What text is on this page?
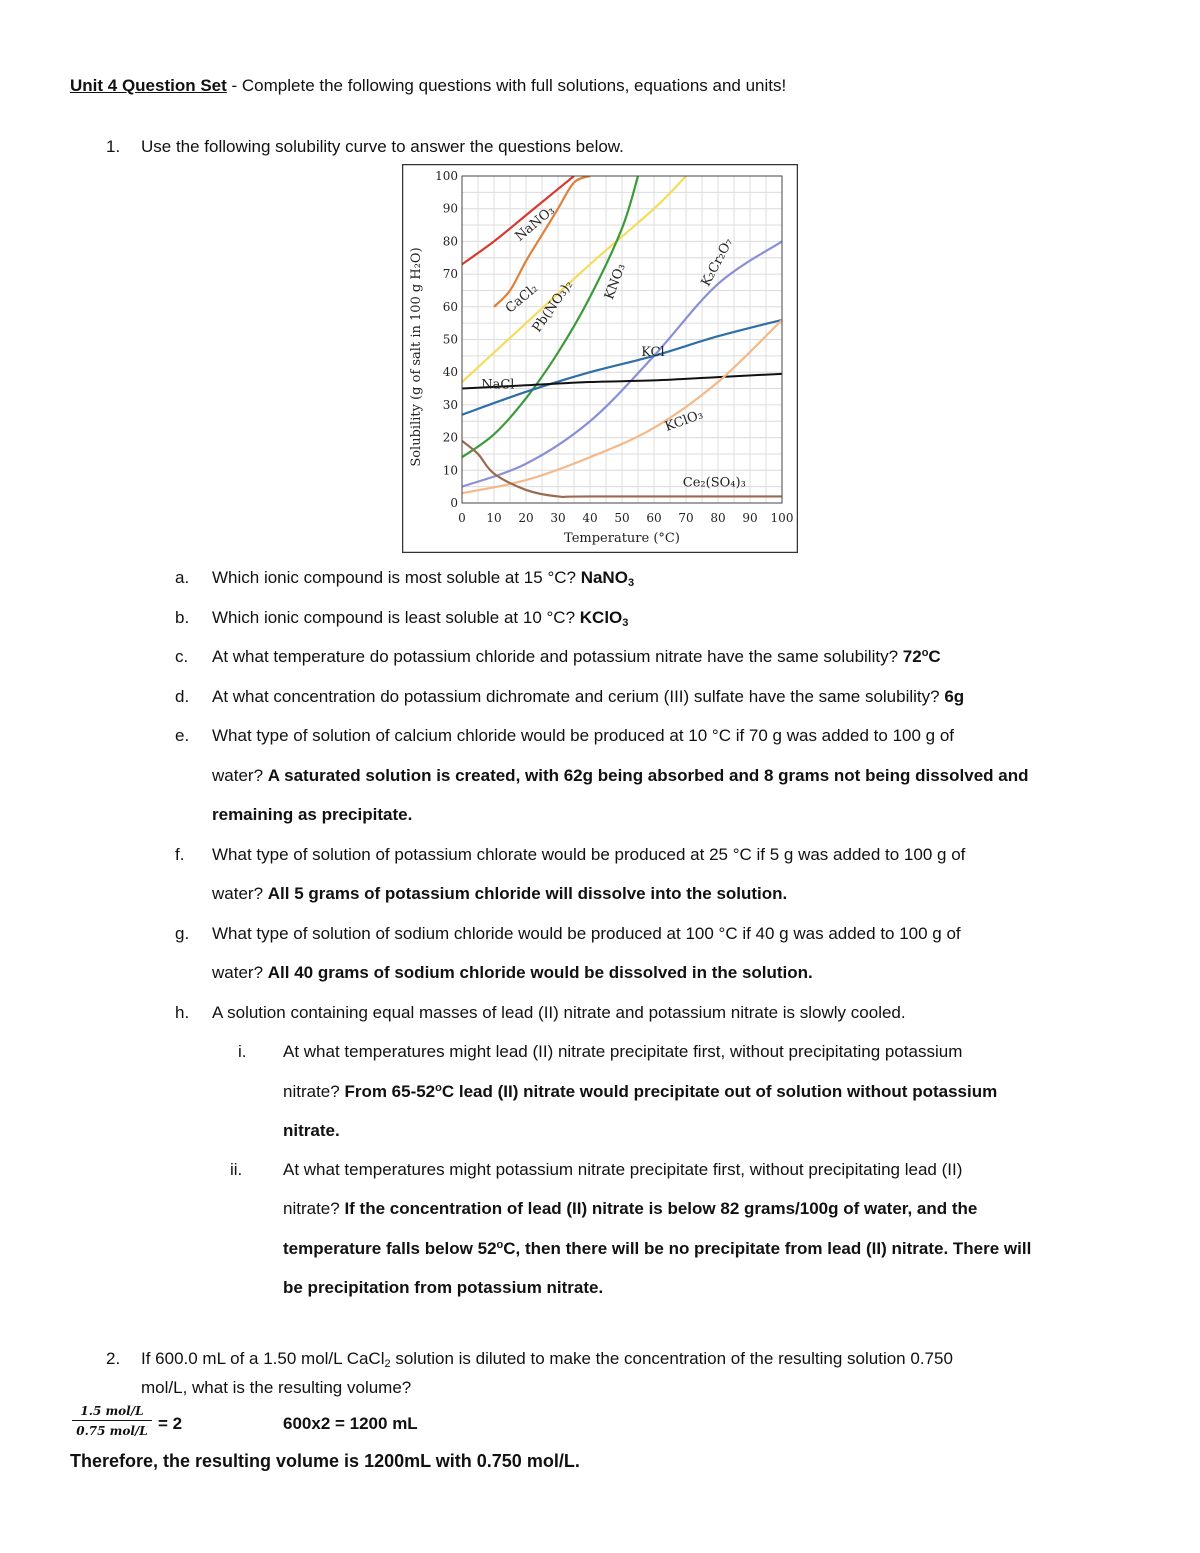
Unit 4 Question Set - Complete the following questions with full solutions, equations and units!
1. Use the following solubility curve to answer the questions below.
0
10
20
30
40
50
60
70
80
90
100
0 10 20 30 40 50 60 70 80 90 100
Temperature (°C)
Solubility (g of salt in 100 g H₂O)
NaNO₃
CaCl₂
Pb(NO₃)₂ KNO₃	K₂Cr₂O₇
KCl
NaCl
KClO₃
Ce₂(SO₄)₃
a. Which ionic compound is most soluble at 15 °C? NaNO$_3$
b. Which ionic compound is least soluble at 10 °C? KClO$_3$
c. At what temperature do potassium chloride and potassium nitrate have the same solubility? 72$^o$C
d. At what concentration do potassium dichromate and cerium (III) sulfate have the same solubility? 6g
e. What type of solution of calcium chloride would be produced at 10 °C if 70 g was added to 100 g of
water? A saturated solution is created, with 62g being absorbed and 8 grams not being dissolved and
remaining as precipitate.
f. What type of solution of potassium chlorate would be produced at 25 °C if 5 g was added to 100 g of
water? All 5 grams of potassium chloride will dissolve into the solution.
g. What type of solution of sodium chloride would be produced at 100 °C if 40 g was added to 100 g of
water? All 40 grams of sodium chloride would be dissolved in the solution.
h. A solution containing equal masses of lead (II) nitrate and potassium nitrate is slowly cooled.
i. At what temperatures might lead (II) nitrate precipitate first, without precipitating potassium
nitrate? From 65-52$^o$C lead (II) nitrate would precipitate out of solution without potassium
nitrate.
ii. At what temperatures might potassium nitrate precipitate first, without precipitating lead (II)
nitrate? If the concentration of lead (II) nitrate is below 82 grams/100g of water, and the
temperature falls below 52$^o$C, then there will be no precipitate from lead (II) nitrate. There will
be precipitation from potassium nitrate.
2. If 600.0 mL of a 1.50 mol/L CaCl$_2$ solution is diluted to make the concentration of the resulting solution 0.750
mol/L, what is the resulting volume?
1.5 mol/L
0.75 mol/L = 2	600x2 = 1200 mL
Therefore, the resulting volume is 1200mL with 0.750 mol/L.
